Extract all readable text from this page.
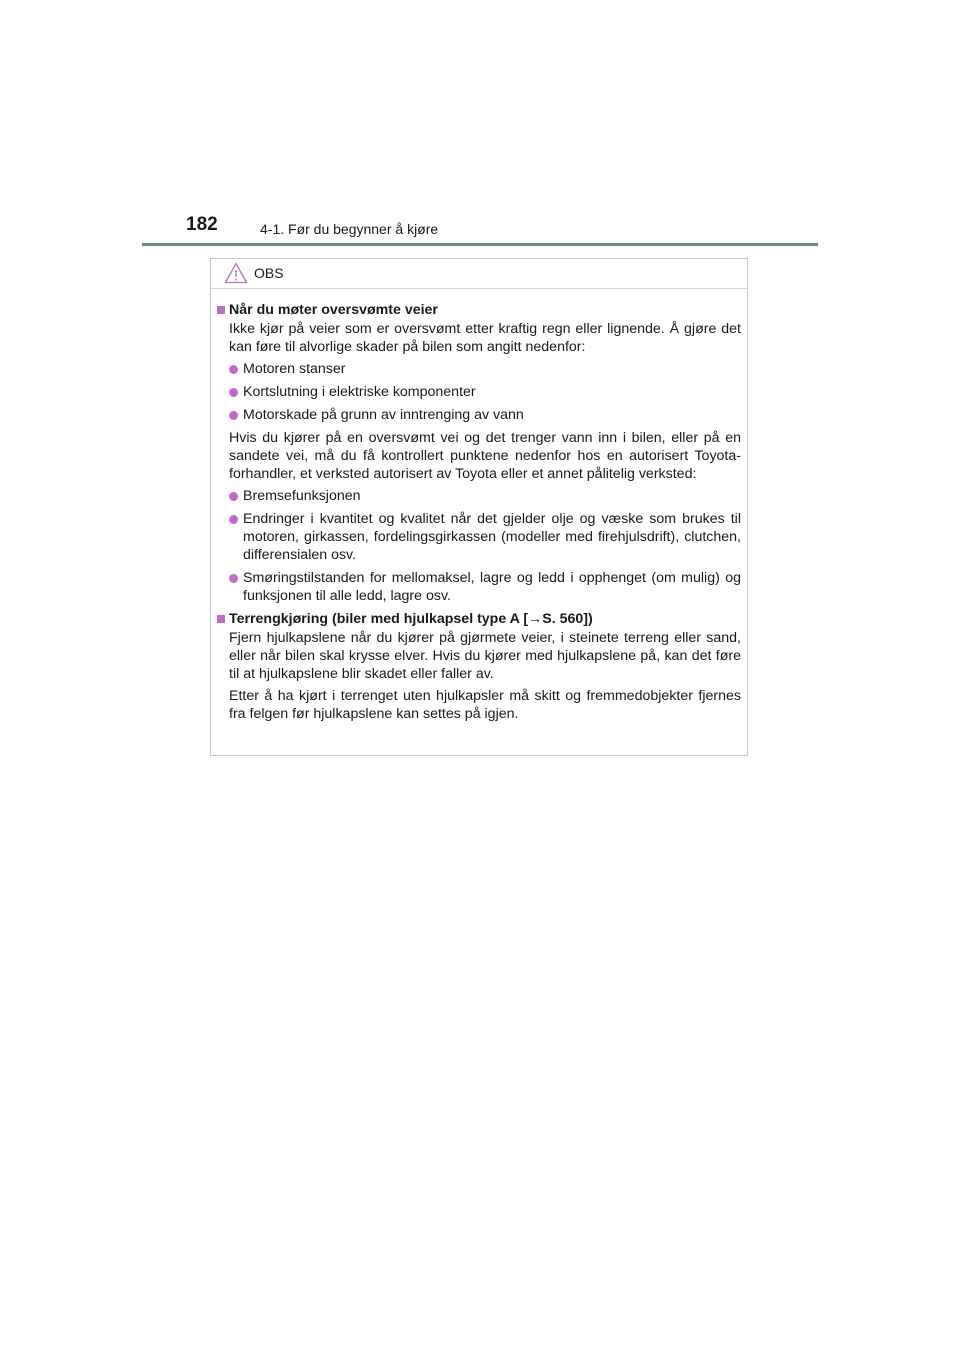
182	4-1. Før du begynner å kjøre
OBS
Når du møter oversvømte veier
Ikke kjør på veier som er oversvømt etter kraftig regn eller lignende. Å gjøre det kan føre til alvorlige skader på bilen som angitt nedenfor:
Motoren stanser
Kortslutning i elektriske komponenter
Motorskade på grunn av inntrenging av vann
Hvis du kjører på en oversvømt vei og det trenger vann inn i bilen, eller på en sandete vei, må du få kontrollert punktene nedenfor hos en autorisert Toyota-forhandler, et verksted autorisert av Toyota eller et annet pålitelig verksted:
Bremsefunksjonen
Endringer i kvantitet og kvalitet når det gjelder olje og væske som brukes til motoren, girkassen, fordelingsgirkassen (modeller med firehjulsdrift), clutchen, differensialen osv.
Smøringstilstanden for mellomaksel, lagre og ledd i opphenget (om mulig) og funksjonen til alle ledd, lagre osv.
Terrengkjøring (biler med hjulkapsel type A [→S. 560])
Fjern hjulkapslene når du kjører på gjørmete veier, i steinete terreng eller sand, eller når bilen skal krysse elver. Hvis du kjører med hjulkapslene på, kan det føre til at hjulkapslene blir skadet eller faller av.
Etter å ha kjørt i terrenget uten hjulkapsler må skitt og fremmedobjekter fjernes fra felgen før hjulkapslene kan settes på igjen.
